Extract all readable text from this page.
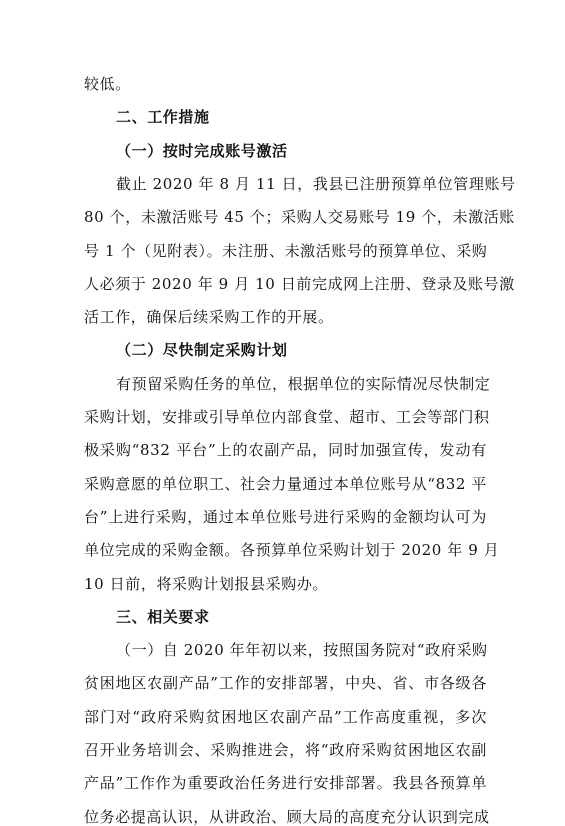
较低。
二、工作措施
（一）按时完成账号激活
截止 2020 年 8 月 11 日，我县已注册预算单位管理账号
80 个，未激活账号 45 个；采购人交易账号 19 个，未激活账
号 1 个（见附表）。未注册、未激活账号的预算单位、采购
人必须于 2020 年 9 月 10 日前完成网上注册、登录及账号激
活工作，确保后续采购工作的开展。
（二）尽快制定采购计划
有预留采购任务的单位，根据单位的实际情况尽快制定
采购计划，安排或引导单位内部食堂、超市、工会等部门积
极采购“832 平台”上的农副产品，同时加强宣传，发动有
采购意愿的单位职工、社会力量通过本单位账号从“832 平
台”上进行采购，通过本单位账号进行采购的金额均认可为
单位完成的采购金额。各预算单位采购计划于 2020 年 9 月
10 日前，将采购计划报县采购办。
三、相关要求
（一）自 2020 年年初以来，按照国务院对“政府采购
贫困地区农副产品”工作的安排部署，中央、省、市各级各
部门对“政府采购贫困地区农副产品”工作高度重视，多次
召开业务培训会、采购推进会，将“政府采购贫困地区农副
产品”工作作为重要政治任务进行安排部署。我县各预算单
位务必提高认识，从讲政治、顾大局的高度充分认识到完成
